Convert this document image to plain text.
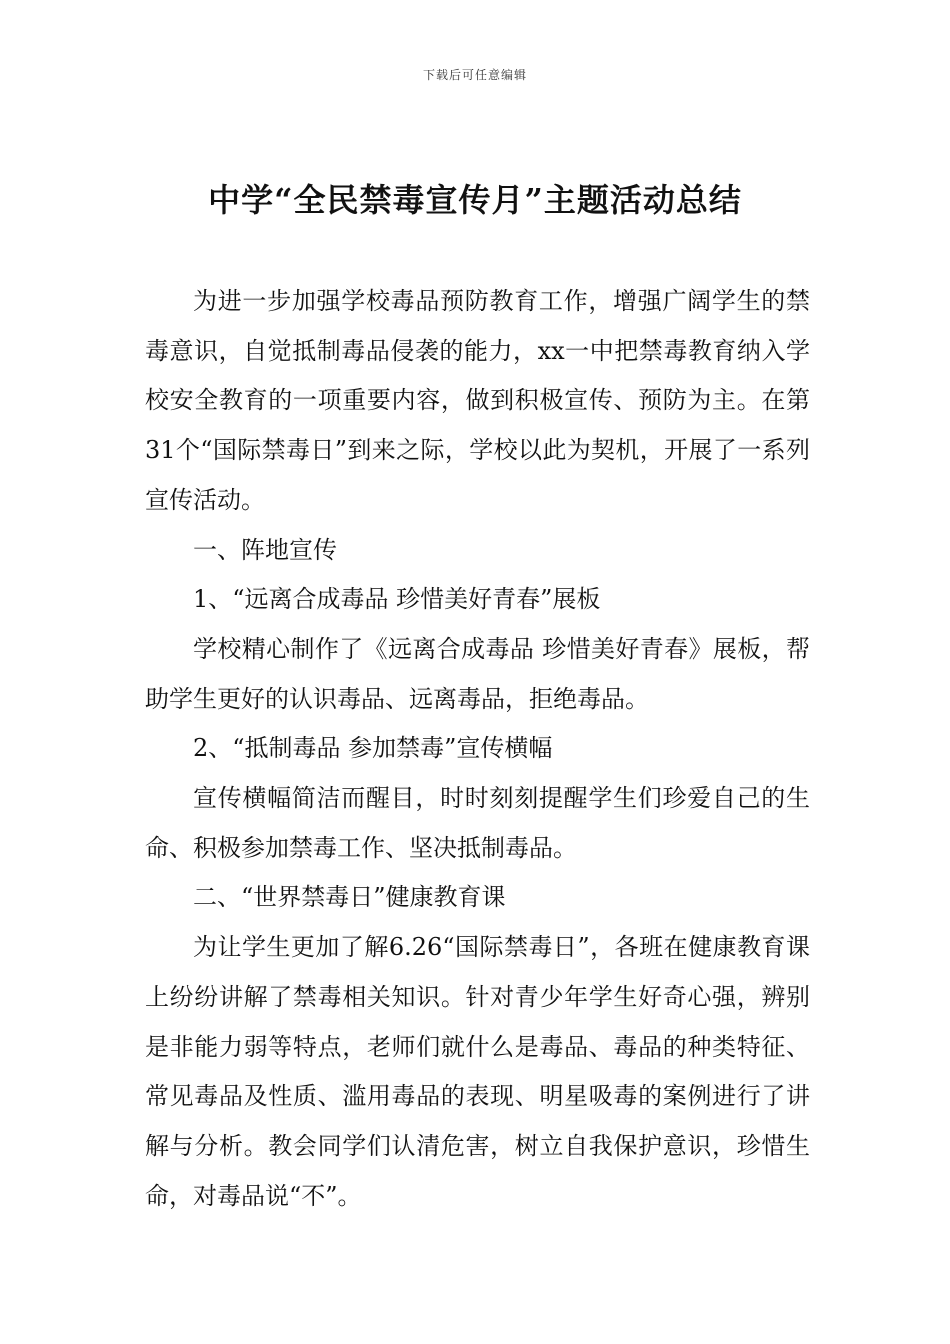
下载后可任意编辑
中学“全民禁毒宣传月”主题活动总结

为进一步加强学校毒品预防教育工作，增强广阔学生的禁毒意识，自觉抵制毒品侵袭的能力，xx一中把禁毒教育纳入学校安全教育的一项重要内容，做到积极宣传、预防为主。在第31个“国际禁毒日”到来之际，学校以此为契机，开展了一系列宣传活动。

一、阵地宣传

1、“远离合成毒品 珍惜美好青春”展板

学校精心制作了《远离合成毒品 珍惜美好青春》展板，帮助学生更好的认识毒品、远离毒品，拒绝毒品。

2、“抵制毒品 参加禁毒”宣传横幅

宣传横幅简洁而醒目，时时刻刻提醒学生们珍爱自己的生命、积极参加禁毒工作、坚决抵制毒品。

二、“世界禁毒日”健康教育课

为让学生更加了解6.26“国际禁毒日”，各班在健康教育课上纷纷讲解了禁毒相关知识。针对青少年学生好奇心强，辨别是非能力弱等特点，老师们就什么是毒品、毒品的种类特征、常见毒品及性质、滥用毒品的表现、明星吸毒的案例进行了讲解与分析。教会同学们认清危害，树立自我保护意识，珍惜生命，对毒品说“不”。
